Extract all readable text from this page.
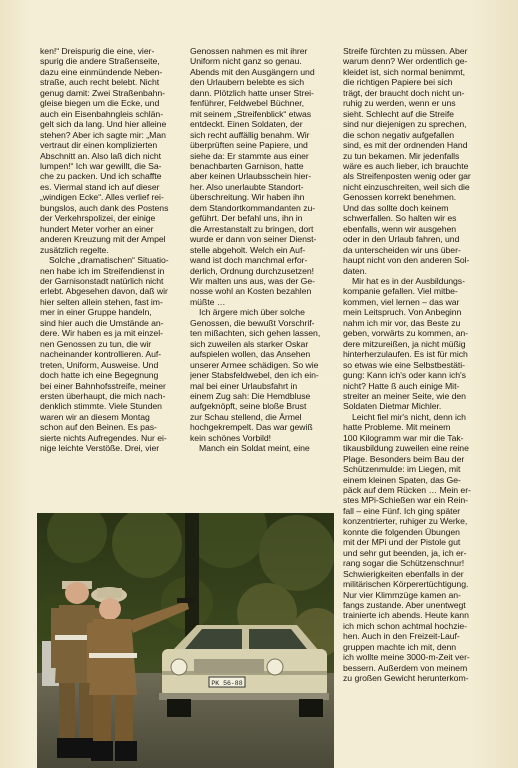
ken!“ Dreispurig die eine, vier-
spurig die andere Straßenseite,
dazu eine einmündende Neben-
straße, auch recht belebt. Nicht
genug damit: Zwei Straßenbahn-
gleise biegen um die Ecke, und
auch ein Eisenbahngleis schlän-
gelt sich da lang. Und hier alleine
stehen? Aber ich sagte mir: „Man
vertraut dir einen komplizierten
Abschnitt an. Also laß dich nicht
lumpen!“ Ich war gewillt, die Sa-
che zu packen. Und ich schaffte
es. Viermal stand ich auf dieser
„windigen Ecke“. Alles verlief rei-
bungslos, auch dank des Postens
der Verkehrspolizei, der einige
hundert Meter vorher an einer
anderen Kreuzung mit der Ampel
zusätzlich regelte.
Solche „dramatischen“ Situatio-
nen habe ich im Streifendienst in
der Garnisonstadt natürlich nicht
erlebt. Abgesehen davon, daß wir
hier selten allein stehen, fast im-
mer in einer Gruppe handeln,
sind hier auch die Umstände an-
dere. Wir haben es ja mit einzel-
nen Genossen zu tun, die wir
nacheinander kontrollieren. Auf-
treten, Uniform, Ausweise. Und
doch hatte ich eine Begegnung
bei einer Bahnhofsstreife, meiner
ersten überhaupt, die mich nach-
denklich stimmte. Viele Stunden
waren wir an diesem Montag
schon auf den Beinen. Es pas-
sierte nichts Aufregendes. Nur ei-
nige leichte Verstöße. Drei, vier
Genossen nahmen es mit ihrer
Uniform nicht ganz so genau.
Abends mit den Ausgängern und
den Urlaubern belebte es sich
dann. Plötzlich hatte unser Strei-
fenführer, Feldwebel Büchner,
mit seinem „Streifenblick“ etwas
entdeckt. Einen Soldaten, der
sich recht auffällig benahm. Wir
überprüften seine Papiere, und
siehe da: Er stammte aus einer
benachbarten Garnison, hatte
aber keinen Urlaubsschein hier-
her. Also unerlaubte Standort-
überschreitung. Wir haben ihn
dem Standortkommandanten zu-
geführt. Der befahl uns, ihn in
die Arrestanstalt zu bringen, dort
wurde er dann von seiner Dienst-
stelle abgeholt. Welch ein Auf-
wand ist doch manchmal erfor-
derlich, Ordnung durchzusetzen!
Wir malten uns aus, was der Ge-
nosse wohl an Kosten bezahlen
müßte …
Ich ärgere mich über solche
Genossen, die bewußt Vorschrif-
ten mißachten, sich gehen lassen,
sich zuweilen als starker Oskar
aufspielen wollen, das Ansehen
unserer Armee schädigen. So wie
jener Stabsfeldwebel, den ich ein-
mal bei einer Urlaubsfahrt in
einem Zug sah: Die Hemdbluse
aufgeknöpft, seine bloße Brust
zur Schau stellend, die Ärmel
hochgekrempelt. Das war gewiß
kein schönes Vorbild!
Manch ein Soldat meint, eine
Streife fürchten zu müssen. Aber
warum denn? Wer ordentlich ge-
kleidet ist, sich normal benimmt,
die richtigen Papiere bei sich
trägt, der braucht doch nicht un-
ruhig zu werden, wenn er uns
sieht. Schlecht auf die Streife
sind nur diejenigen zu sprechen,
die schon negativ aufgefallen
sind, es mit der ordnenden Hand
zu tun bekamen. Mir jedenfalls
wäre es auch lieber, ich brauchte
als Streifenposten wenig oder gar
nicht einzuschreiten, weil sich die
Genossen korrekt benehmen.
Und das sollte doch keinem
schwerfallen. So halten wir es
ebenfalls, wenn wir ausgehen
oder in den Urlaub fahren, und
da unterscheiden wir uns über-
haupt nicht von den anderen Sol-
daten.
Mir hat es in der Ausbildungs-
kompanie gefallen. Viel mitbe-
kommen, viel lernen – das war
mein Leitspruch. Von Anbeginn
nahm ich mir vor, das Beste zu
geben, vorwärts zu kommen, an-
dere mitzureißen, ja nicht müßig
hinterherzulaufen. Es ist für mich
so etwas wie eine Selbstbestäti-
gung: Kann ich's oder kann ich's
nicht? Hatte ß auch einige Mit-
streiter an meiner Seite, wie den
Soldaten Dietmar Michler.
Leicht fiel mir's nicht, denn ich
hatte Probleme. Mit meinem
100 Kilogramm war mir die Tak-
tikausbildung zuweilen eine reine
Plage. Besonders beim Bau der
Schützenmulde: im Liegen, mit
einem kleinen Spaten, das Ge-
päck auf dem Rücken … Mein er-
stes MPi-Schießen war ein Rein-
fall – eine Fünf. Ich ging später
konzentrierter, ruhiger zu Werke,
konnte die folgenden Übungen
mit der MPi und der Pistole gut
und sehr gut beenden, ja, ich er-
rang sogar die Schützenschnur!
Schwierigkeiten ebenfalls in der
militärischen Körperertüchtigung.
Nur vier Klimmzüge kamen an-
fangs zustande. Aber unentwegt
trainierte ich abends. Heute kann
ich mich schon achtmal hochzie-
hen. Auch in den Freizeit-Lauf-
gruppen machte ich mit, denn
ich wollte meine 3000-m-Zeit ver-
bessern. Außerdem von meinem
zu großen Gewicht herunterkom-
PK 56-88
